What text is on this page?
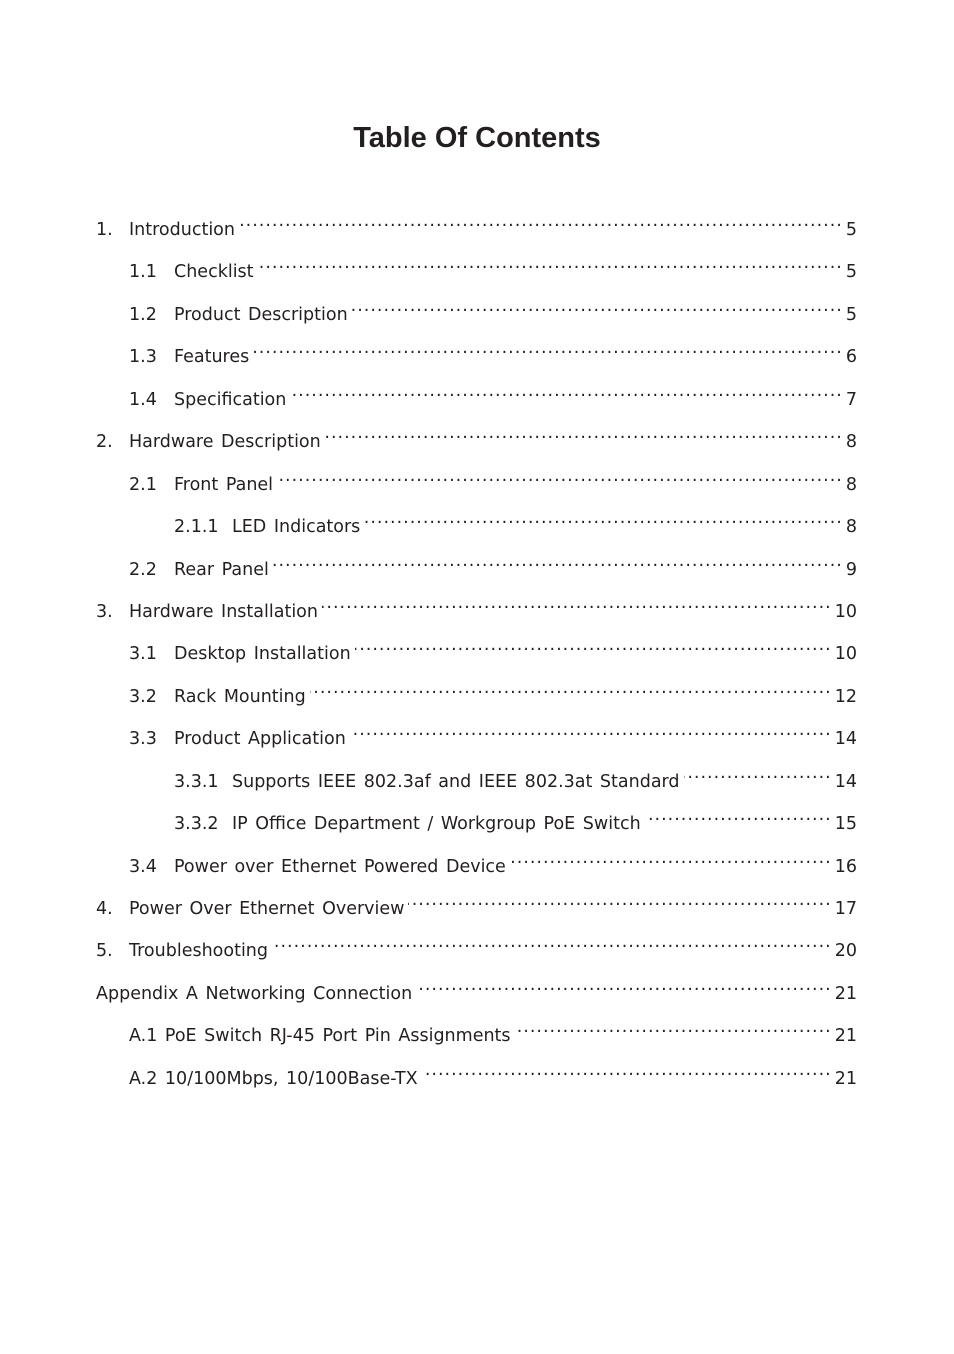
Table Of Contents
1. Introduction .....	5
1.1 Checklist .....	5
1.2 Product Description .....	5
1.3 Features .....	6
1.4 Specification .....	7
2. Hardware Description .....	8
2.1 Front Panel .....	8
2.1.1 LED Indicators .....	8
2.2 Rear Panel .....	9
3. Hardware Installation .....	10
3.1 Desktop Installation .....	10
3.2 Rack Mounting .....	12
3.3 Product Application .....	14
3.3.1 Supports IEEE 802.3af and IEEE 802.3at Standard .....	14
3.3.2 IP Office Department / Workgroup PoE Switch .....	15
3.4 Power over Ethernet Powered Device .....	16
4. Power Over Ethernet Overview .....	17
5. Troubleshooting .....	20
Appendix A Networking Connection .....	21
A.1 PoE Switch RJ-45 Port Pin Assignments .....	21
A.2 10/100Mbps, 10/100Base-TX .....	21
